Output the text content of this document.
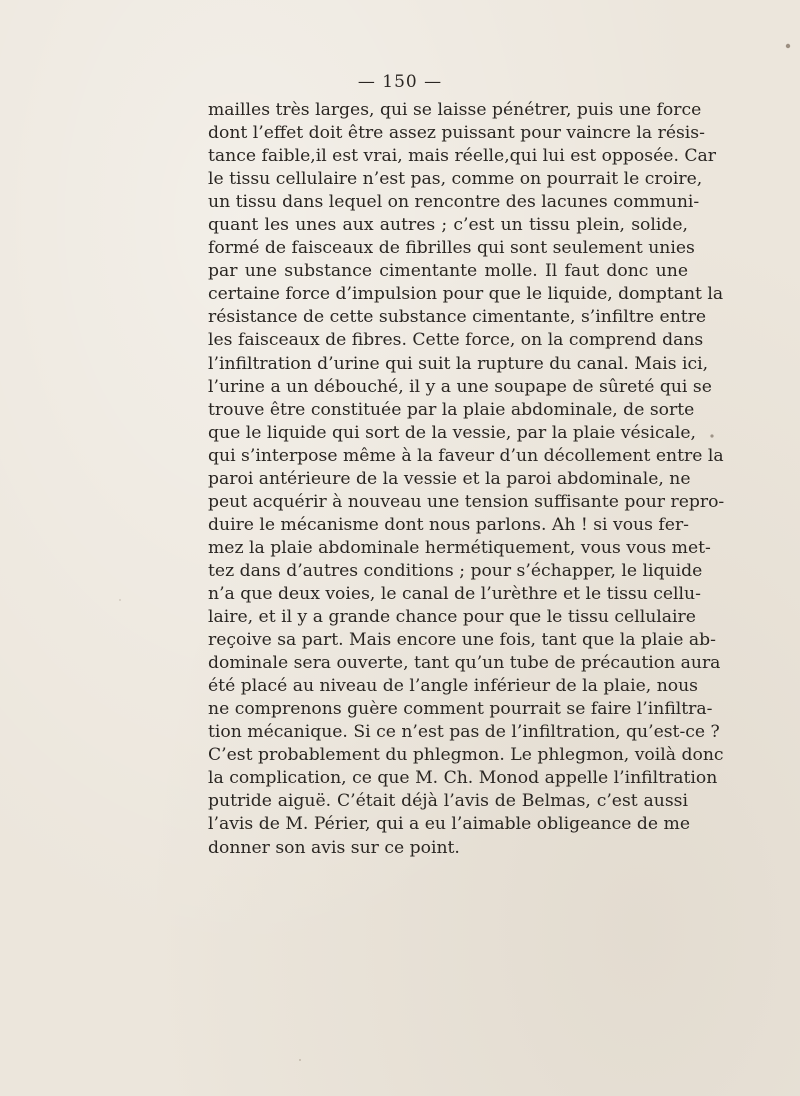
— 150 —
mailles très larges, qui se laisse pénétrer, puis une force
dont l’effet doit être assez puissant pour vaincre la résis-
tance faible,il est vrai, mais réelle,qui lui est opposée. Car
le tissu cellulaire n’est pas, comme on pourrait le croire,
un tissu dans lequel on rencontre des lacunes communi-
quant les unes aux autres ; c’est un tissu plein, solide,
formé de faisceaux de fibrilles qui sont seulement unies
par une substance cimentante molle. Il faut donc une
certaine force d’impulsion pour que le liquide, domptant la
résistance de cette substance cimentante, s’infiltre entre
les faisceaux de fibres. Cette force, on la comprend dans
l’infiltration d’urine qui suit la rupture du canal. Mais ici,
l’urine a un débouché, il y a une soupape de sûreté qui se
trouve être constituée par la plaie abdominale, de sorte
que le liquide qui sort de la vessie, par la plaie vésicale,
qui s’interpose même à la faveur d’un décollement entre la
paroi antérieure de la vessie et la paroi abdominale, ne
peut acquérir à nouveau une tension suffisante pour repro-
duire le mécanisme dont nous parlons. Ah ! si vous fer-
mez la plaie abdominale hermétiquement, vous vous met-
tez dans d’autres conditions ; pour s’échapper, le liquide
n’a que deux voies, le canal de l’urèthre et le tissu cellu-
laire, et il y a grande chance pour que le tissu cellulaire
reçoive sa part. Mais encore une fois, tant que la plaie ab-
dominale sera ouverte, tant qu’un tube de précaution aura
été placé au niveau de l’angle inférieur de la plaie, nous
ne comprenons guère comment pourrait se faire l’infiltra-
tion mécanique. Si ce n’est pas de l’infiltration, qu’est-ce ?
C’est probablement du phlegmon. Le phlegmon, voilà donc
la complication, ce que M. Ch. Monod appelle l’infiltration
putride aiguë. C’était déjà l’avis de Belmas, c’est aussi
l’avis de M. Périer, qui a eu l’aimable obligeance de me
donner son avis sur ce point.
